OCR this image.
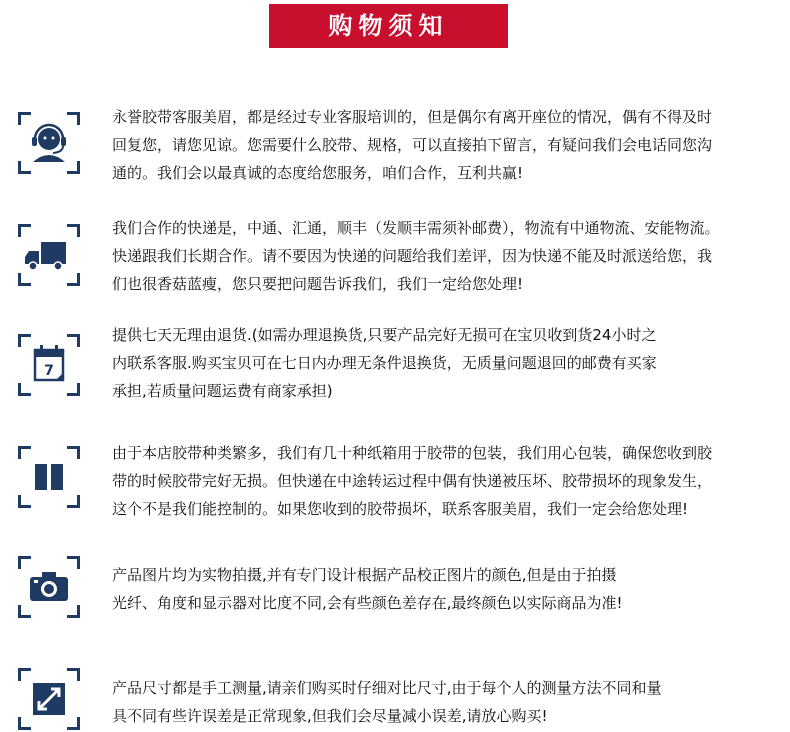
购物须知
永誉胶带客服美眉，都是经过专业客服培训的，但是偶尔有离开座位的情况，偶有不得及时
回复您，请您见谅。您需要什么胶带、规格，可以直接拍下留言，有疑问我们会电话同您沟
通的。我们会以最真诚的态度给您服务，咱们合作，互利共赢!
我们合作的快递是，中通、汇通，顺丰（发顺丰需须补邮费），物流有中通物流、安能物流。
快递跟我们长期合作。请不要因为快递的问题给我们差评，因为快递不能及时派送给您，我
们也很香菇蓝瘦，您只要把问题告诉我们，我们一定给您处理!
7
提供七天无理由退货.(如需办理退换货,只要产品完好无损可在宝贝收到货24小时之
内联系客服.购买宝贝可在七日内办理无条件退换货，无质量问题退回的邮费有买家
承担,若质量问题运费有商家承担)
由于本店胶带种类繁多，我们有几十种纸箱用于胶带的包装，我们用心包装，确保您收到胶
带的时候胶带完好无损。但快递在中途转运过程中偶有快递被压坏、胶带损坏的现象发生，
这个不是我们能控制的。如果您收到的胶带损坏，联系客服美眉，我们一定会给您处理!
产品图片均为实物拍摄,并有专门设计根据产品校正图片的颜色,但是由于拍摄
光纤、角度和显示器对比度不同,会有些颜色差存在,最终颜色以实际商品为准!
产品尺寸都是手工测量,请亲们购买时仔细对比尺寸,由于每个人的测量方法不同和量
具不同有些许误差是正常现象,但我们会尽量减小误差,请放心购买!
